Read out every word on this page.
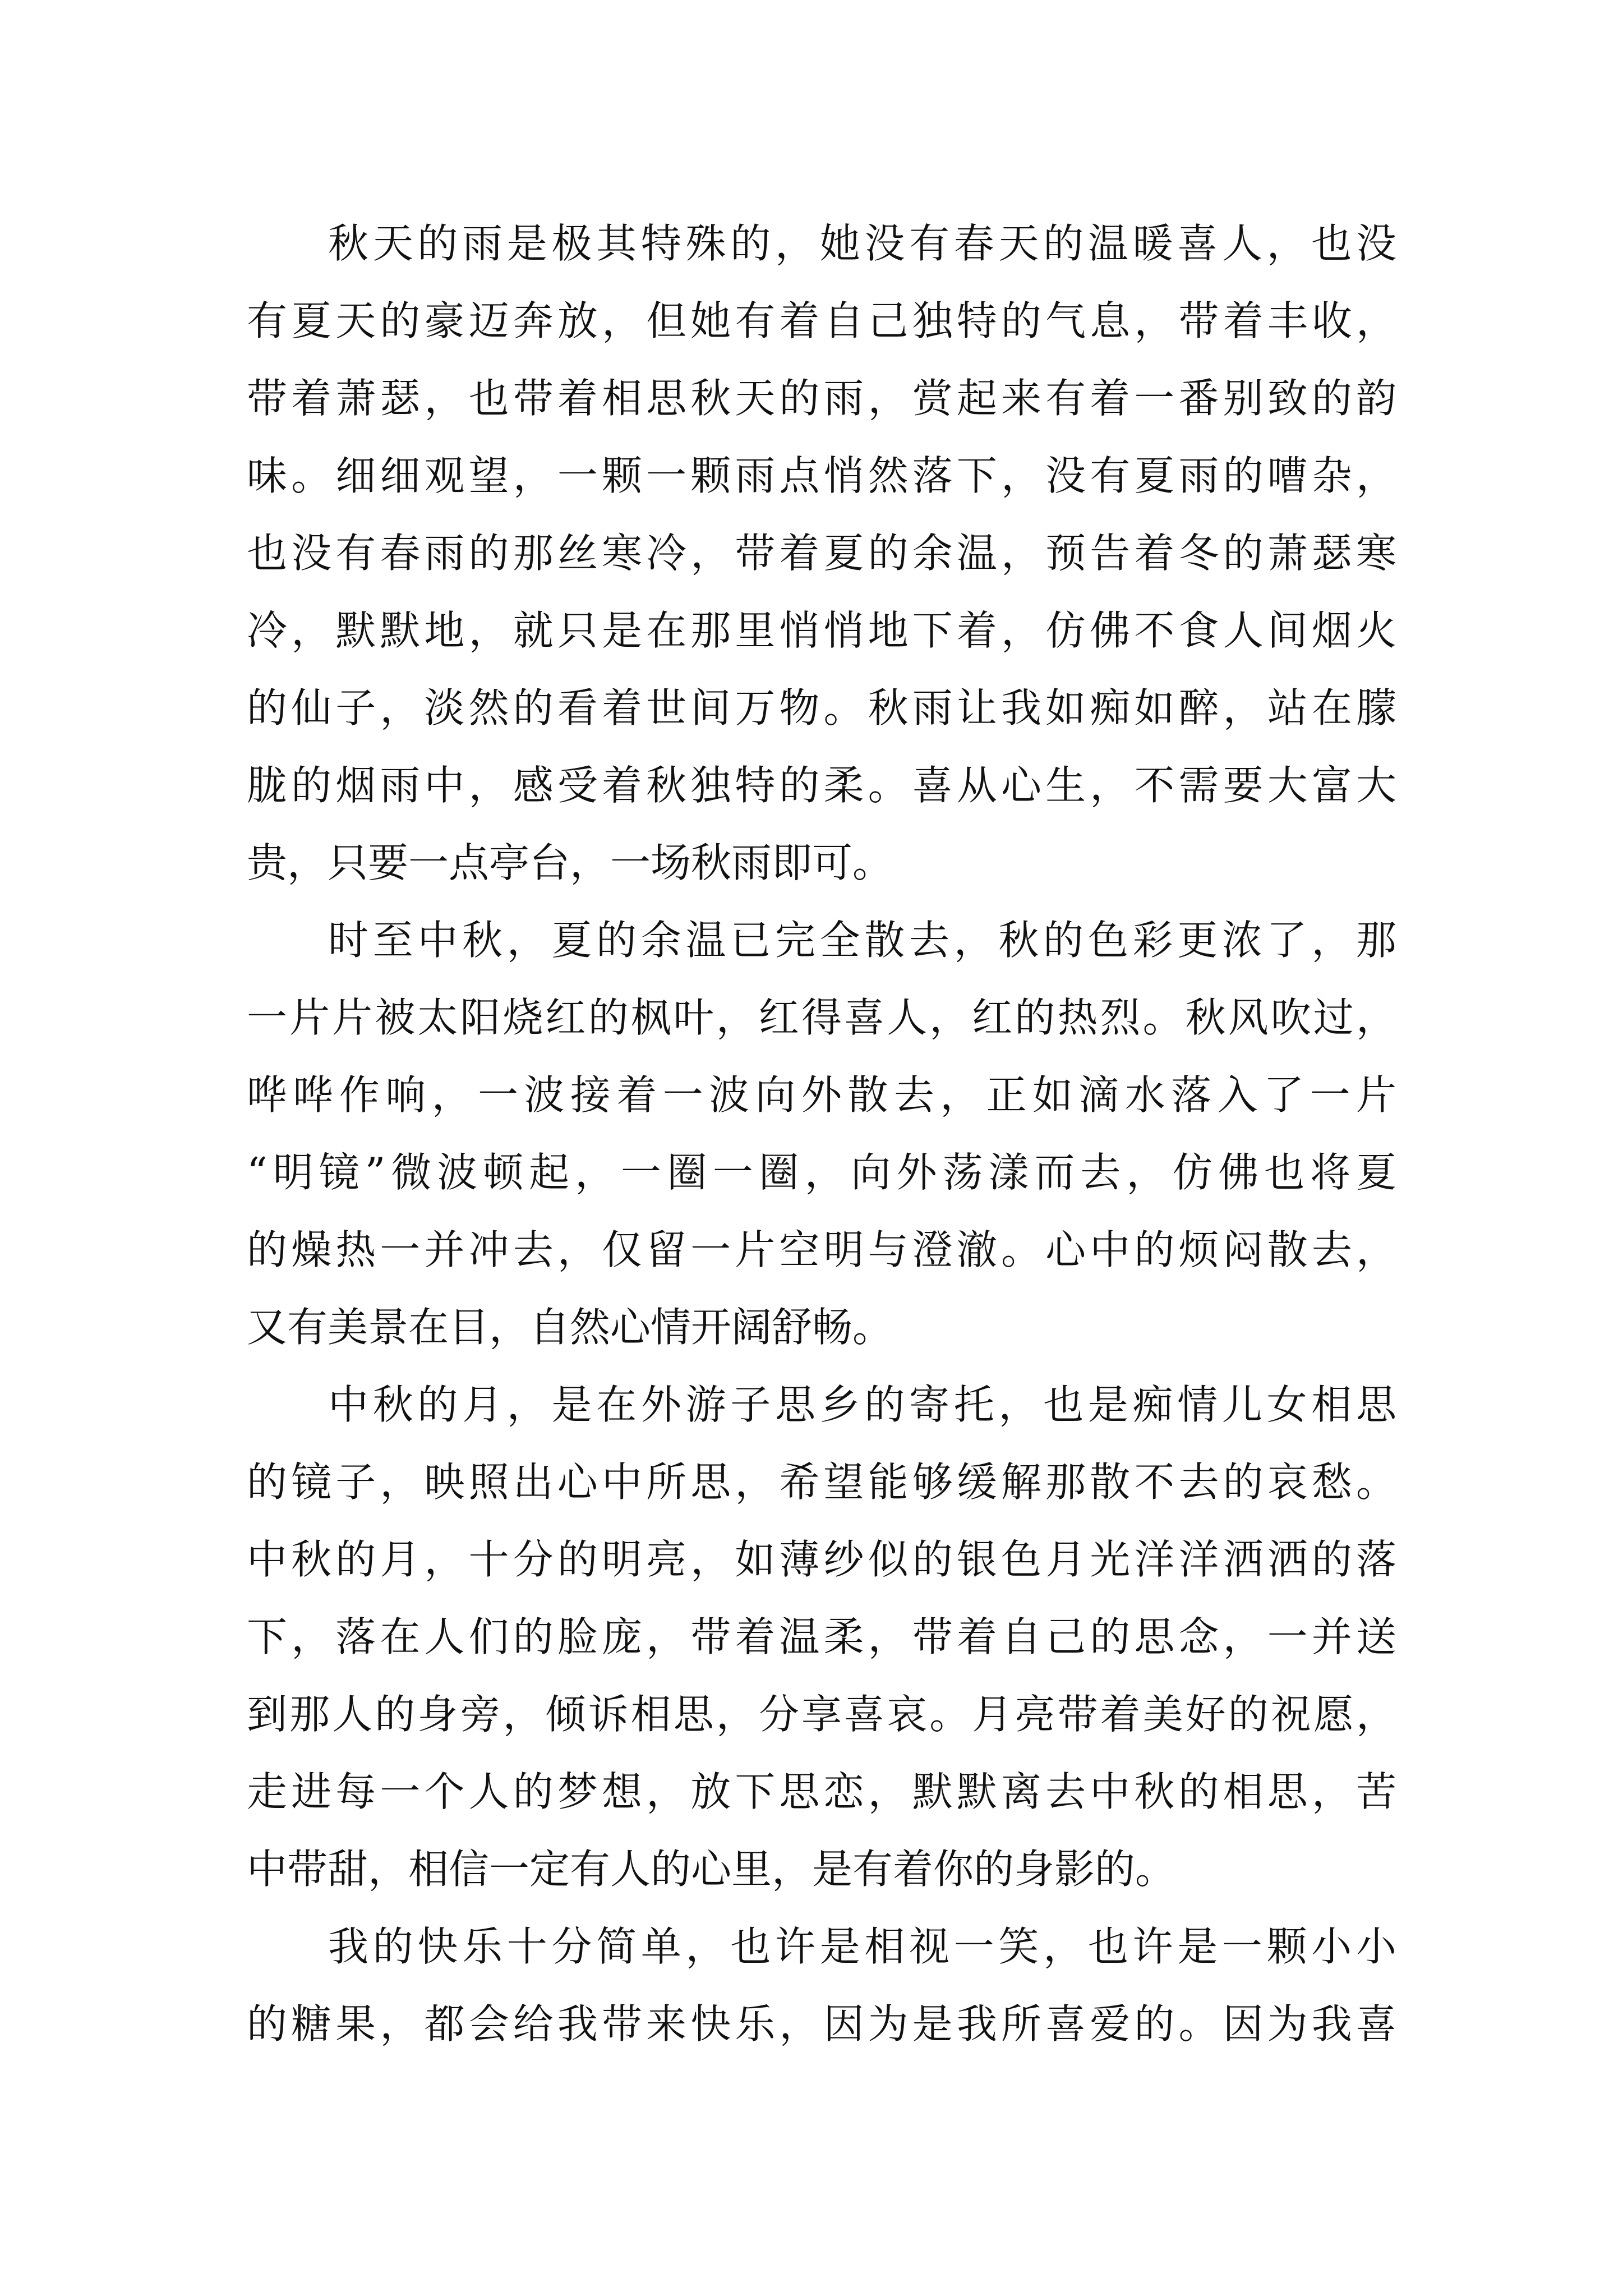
秋天的雨是极其特殊的，她没有春天的温暖喜人，也没
有夏天的豪迈奔放，但她有着自己独特的气息，带着丰收，
带着萧瑟，也带着相思秋天的雨，赏起来有着一番别致的韵
味。细细观望，一颗一颗雨点悄然落下，没有夏雨的嘈杂，
也没有春雨的那丝寒冷，带着夏的余温，预告着冬的萧瑟寒
冷，默默地，就只是在那里悄悄地下着，仿佛不食人间烟火
的仙子，淡然的看着世间万物。秋雨让我如痴如醉，站在朦
胧的烟雨中，感受着秋独特的柔。喜从心生，不需要大富大
贵，只要一点亭台，一场秋雨即可。
时至中秋，夏的余温已完全散去，秋的色彩更浓了，那
一片片被太阳烧红的枫叶，红得喜人，红的热烈。秋风吹过，
哗哗作响，一波接着一波向外散去，正如滴水落入了一片
“明镜”微波顿起，一圈一圈，向外荡漾而去，仿佛也将夏
的燥热一并冲去，仅留一片空明与澄澈。心中的烦闷散去，
又有美景在目，自然心情开阔舒畅。
中秋的月，是在外游子思乡的寄托，也是痴情儿女相思
的镜子，映照出心中所思，希望能够缓解那散不去的哀愁。
中秋的月，十分的明亮，如薄纱似的银色月光洋洋洒洒的落
下，落在人们的脸庞，带着温柔，带着自己的思念，一并送
到那人的身旁，倾诉相思，分享喜哀。月亮带着美好的祝愿，
走进每一个人的梦想，放下思恋，默默离去中秋的相思，苦
中带甜，相信一定有人的心里，是有着你的身影的。
我的快乐十分简单，也许是相视一笑，也许是一颗小小
的糖果，都会给我带来快乐，因为是我所喜爱的。因为我喜
